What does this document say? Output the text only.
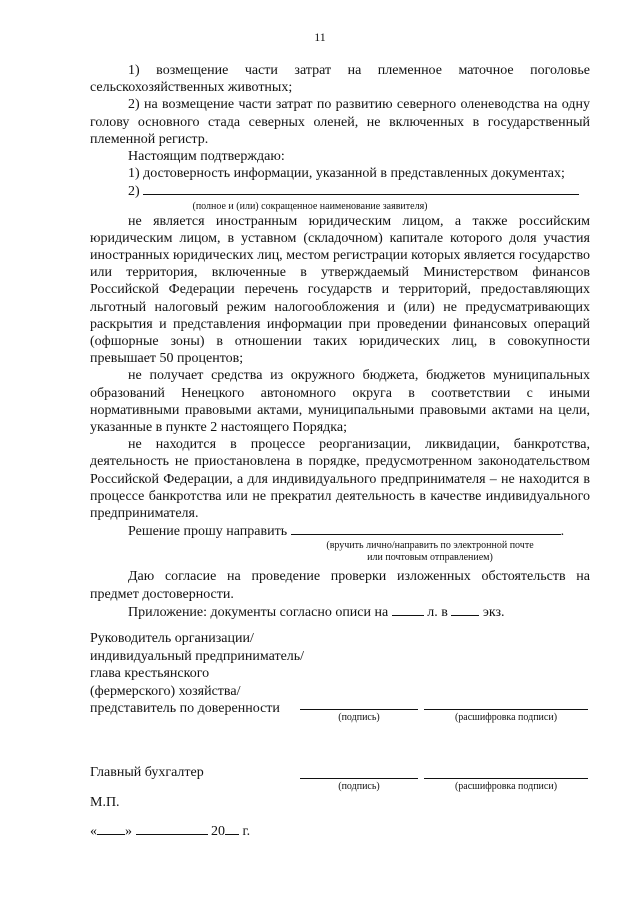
11

1) возмещение части затрат на племенное маточное поголовье

сельскохозяйственных животных;

2) на возмещение части затрат по развитию северного оленеводства на одну голову основного стада северных оленей, не включенных в государственный племенной регистр.

Настоящим подтверждаю:

1) достоверность информации, указанной в представленных документах;

2)

(полное и (или) сокращенное наименование заявителя)

не является иностранным юридическим лицом, а также российским юридическим лицом, в уставном (складочном) капитале которого доля участия иностранных юридических лиц, местом регистрации которых является государство или территория, включенные в утверждаемый Министерством финансов Российской Федерации перечень государств и территорий, предоставляющих льготный налоговый режим налогообложения и (или) не предусматривающих раскрытия и представления информации при проведении финансовых операций (офшорные зоны) в отношении таких юридических лиц, в совокупности превышает 50 процентов;

не получает средства из окружного бюджета, бюджетов муниципальных образований Ненецкого автономного округа в соответствии с иными нормативными правовыми актами, муниципальными правовыми актами на цели, указанные в пункте 2 настоящего Порядка;

не находится в процессе реорганизации, ликвидации, банкротства, деятельность не приостановлена в порядке, предусмотренном законодательством Российской Федерации, а для индивидуального предпринимателя – не находится в процессе банкротства или не прекратил деятельность в качестве индивидуального предпринимателя.

Решение прошу направить	.

(вручить лично/направить по электронной почте

или почтовым отправлением)

Даю согласие на проведение проверки изложенных обстоятельств на предмет достоверности.

Приложение: документы согласно описи на	л. в	экз.

Руководитель организации/

индивидуальный предприниматель/

глава крестьянского

(фермерского) хозяйства/

представитель по доверенности

(подпись)	(расшифровка подписи)
Главный бухгалтер
(подпись)	(расшифровка подписи)
М.П.
« »	20 г.
